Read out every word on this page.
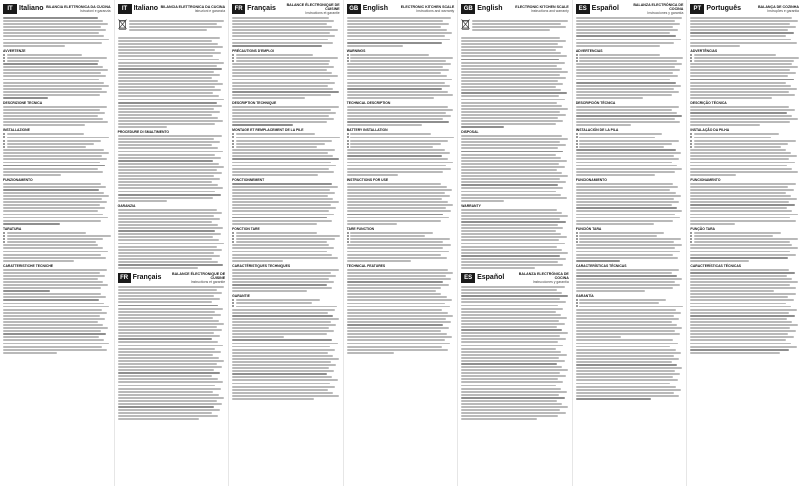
IT Italiano BILANCIA ELETTRONICA DA CUCINA
Istruzioni e garanzia
AVVERTENZE
DESCRIZIONE TECNICA
INSTALLAZIONE
FUNZIONAMENTO
TARATURA
CARATTERISTICHE TECNICHE
IT Italiano BILANCIA ELETTRONICA DA CUCINA
Istruzioni e garanzia
PROCEDURE DI SMALTIMENTO
GARANZIA
FR Français
BALANCE ÉLECTRONIQUE DE CUISINE
Instructions et garantie
FR Français
BALANCE ÉLECTRONIQUE DE CUISINE
Instructions et garantie
PRÉCAUTIONS D'EMPLOI
DESCRIPTION TECHNIQUE
MONTAGE ET REMPLACEMENT DE LA PILE
FONCTIONNEMENT
FONCTION TARE
CARACTÉRISTIQUES TECHNIQUES
GARANTIE
GB English	ELECTRONIC KITCHEN SCALE
Instructions and warranty
WARNINGS
TECHNICAL DESCRIPTION
BATTERY INSTALLATION
INSTRUCTIONS FOR USE
TARE FUNCTION
TECHNICAL FEATURES
GB English	ELECTRONIC KITCHEN SCALE
Instructions and warranty
DISPOSAL
WARRANTY
ES Español
BALANZA ELECTRÓNICA DE COCINA
Instrucciones y garantía
ES Español
BALANZA ELECTRÓNICA DE COCINA
Instrucciones y garantía
ADVERTENCIAS
DESCRIPCIÓN TÉCNICA
INSTALACIÓN DE LA PILA
FUNCIONAMIENTO
FUNCIÓN TARA
CARACTERÍSTICAS TÉCNICAS
GARANTÍA
PT Português	BALANÇA DE COZINHA
Instruções e garantia
ADVERTÊNCIAS
DESCRIÇÃO TÉCNICA
INSTALAÇÃO DA PILHA
FUNCIONAMENTO
FUNÇÃO TARA
CARACTERÍSTICAS TÉCNICAS
